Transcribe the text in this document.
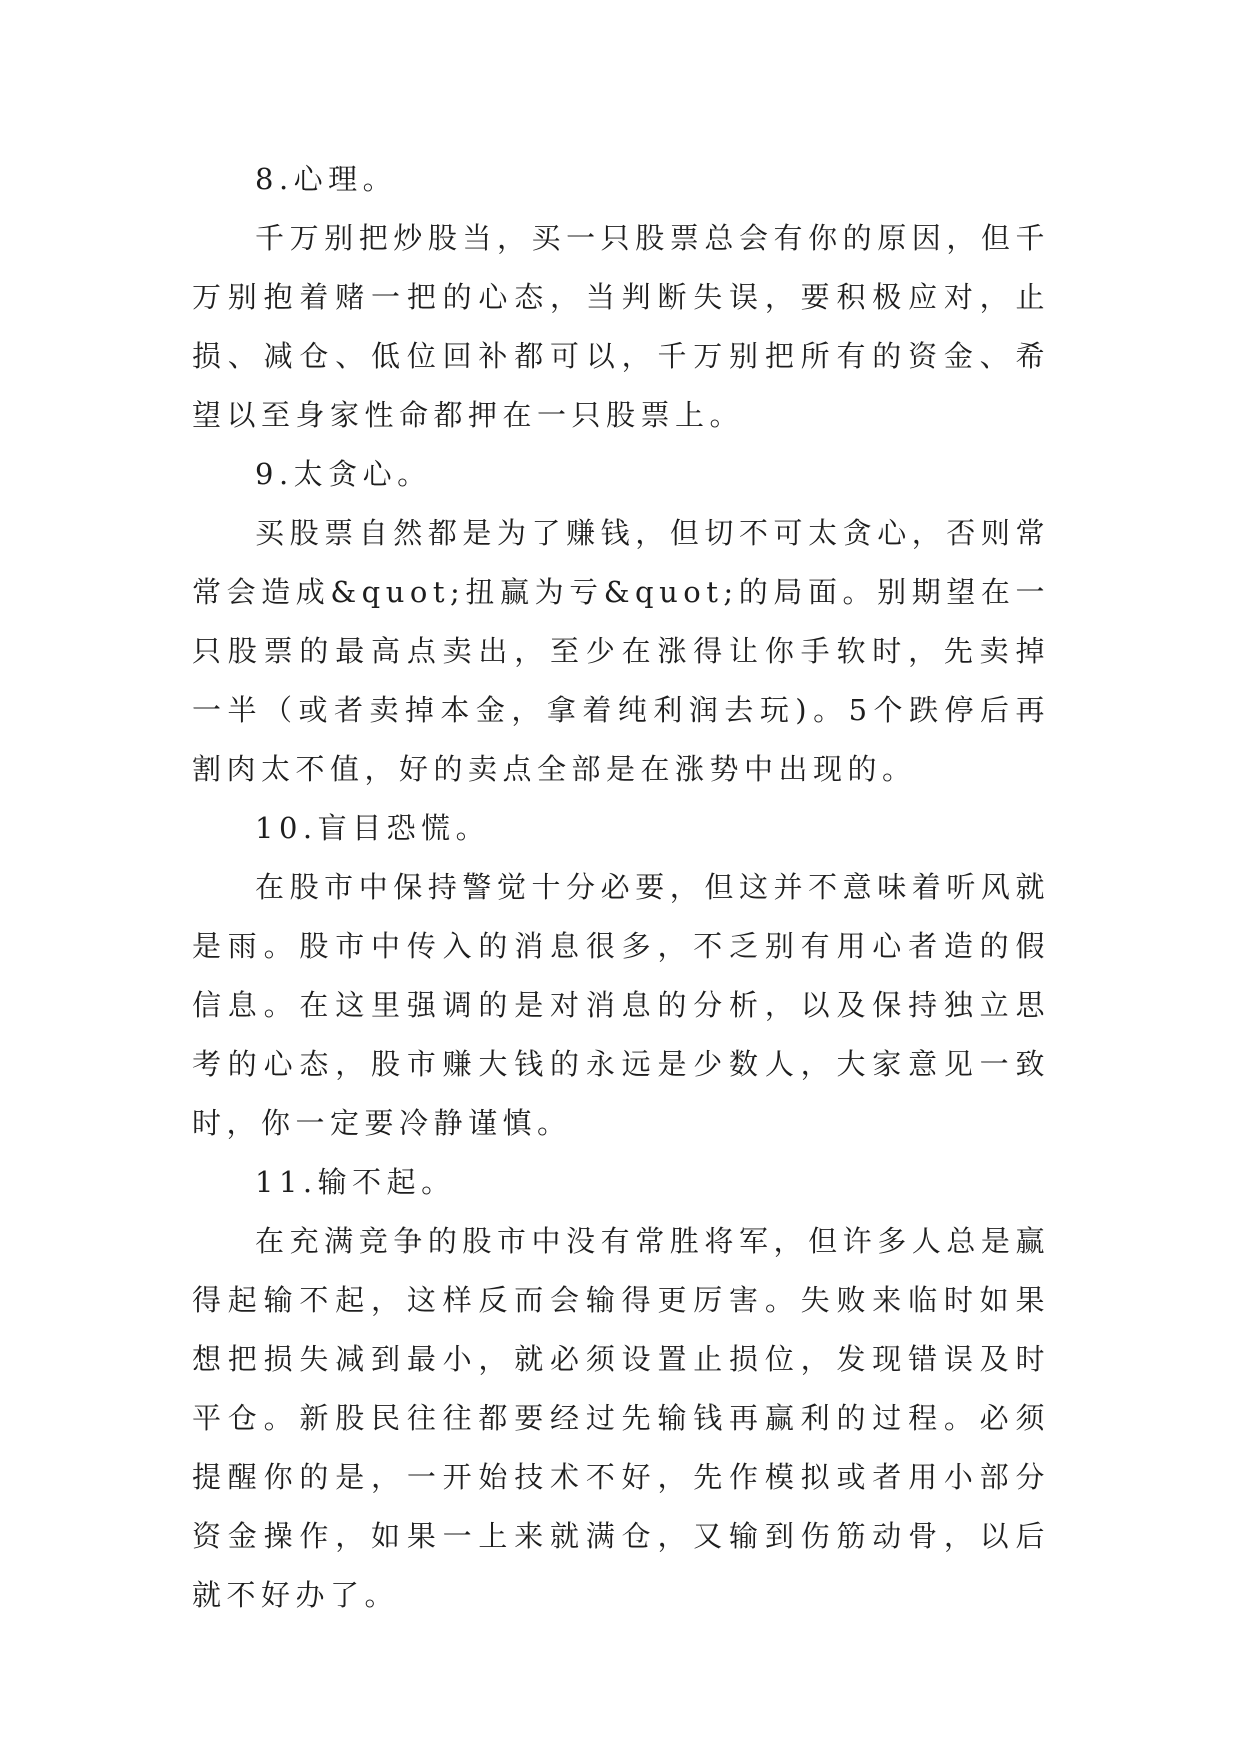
8.心理。

千万别把炒股当，买一只股票总会有你的原因，但千万别抱着赌一把的心态，当判断失误，要积极应对，止损、减仓、低位回补都可以，千万别把所有的资金、希望以至身家性命都押在一只股票上。

9.太贪心。

买股票自然都是为了赚钱，但切不可太贪心，否则常常会造成&quot;扭赢为亏&quot;的局面。别期望在一只股票的最高点卖出，至少在涨得让你手软时，先卖掉一半（或者卖掉本金，拿着纯利润去玩)。5个跌停后再割肉太不值，好的卖点全部是在涨势中出现的。

10.盲目恐慌。

在股市中保持警觉十分必要，但这并不意味着听风就是雨。股市中传入的消息很多，不乏别有用心者造的假信息。在这里强调的是对消息的分析，以及保持独立思考的心态，股市赚大钱的永远是少数人，大家意见一致时，你一定要冷静谨慎。

11.输不起。

在充满竞争的股市中没有常胜将军，但许多人总是赢得起输不起，这样反而会输得更厉害。失败来临时如果想把损失减到最小，就必须设置止损位，发现错误及时平仓。新股民往往都要经过先输钱再赢利的过程。必须提醒你的是，一开始技术不好，先作模拟或者用小部分资金操作，如果一上来就满仓，又输到伤筋动骨，以后就不好办了。
